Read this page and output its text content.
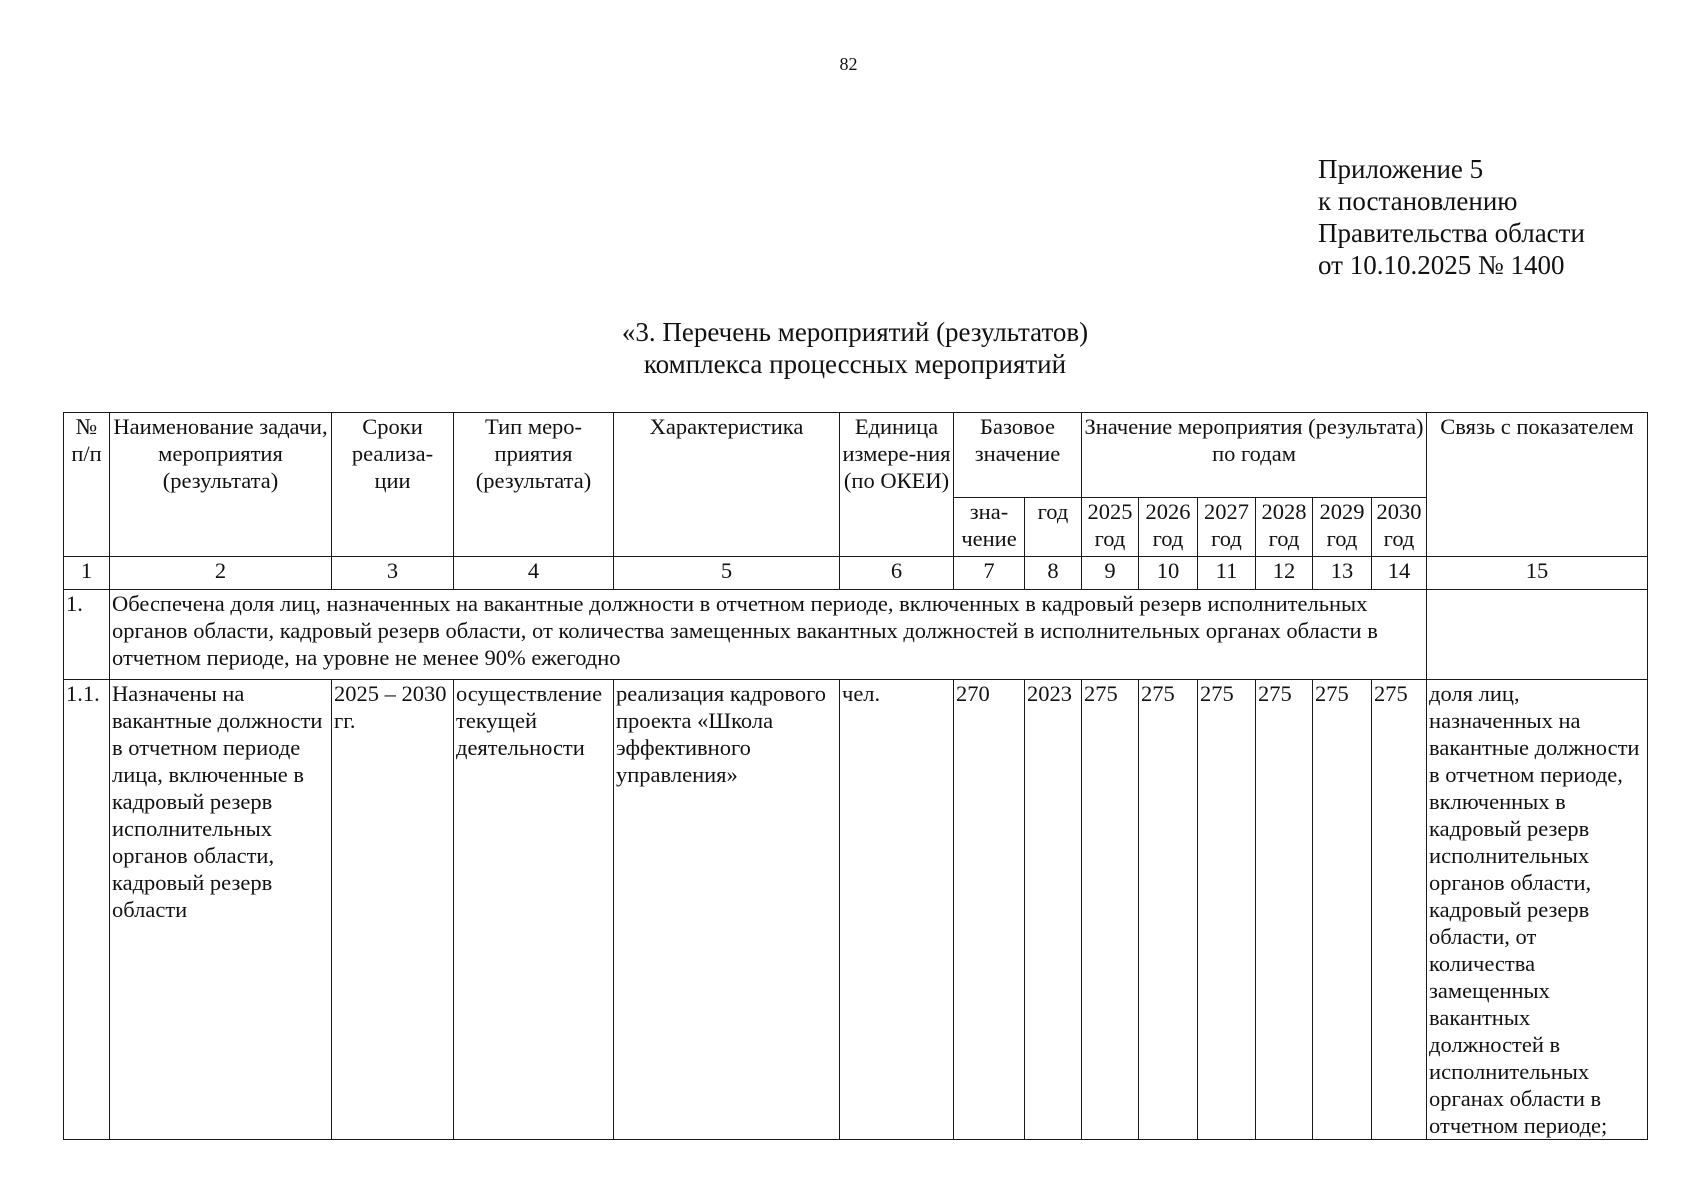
82
Приложение 5
к постановлению
Правительства области
от 10.10.2025 № 1400
«3. Перечень мероприятий (результатов)
комплекса процессных мероприятий
№ п/п	Наименование задачи, мероприятия (результата)	Сроки реализа-ции	Тип меро-приятия (результата)	Характеристика	Единица измере-ния (по ОКЕИ)	Базовое значение		Значение мероприятия (результата) по годам						Связь с показателем
						зна-чение	год	2025 год	2026 год	2027 год	2028 год	2029 год	2030 год	
1	2	3	4	5	6	7	8	9	10	11	12	13	14	15
1.	Обеспечена доля лиц, назначенных на вакантные должности в отчетном периоде, включенных в кадровый резерв исполнительных органов области, кадровый резерв области, от количества замещенных вакантных должностей в исполнительных органах области в отчетном периоде, на уровне не менее 90% ежегодно													
1.1.	Назначены на вакантные должности в отчетном периоде лица, включенные в кадровый резерв исполнительных органов области, кадровый резерв области	2025 – 2030 гг.	осуществление текущей деятельности	реализация кадрового проекта «Школа эффективного управления»	чел.	270	2023	275	275	275	275	275	275	доля лиц, назначенных на вакантные должности в отчетном периоде, включенных в кадровый резерв исполнительных органов области, кадровый резерв области, от количества замещенных вакантных должностей в исполнительных органах области в отчетном периоде;
